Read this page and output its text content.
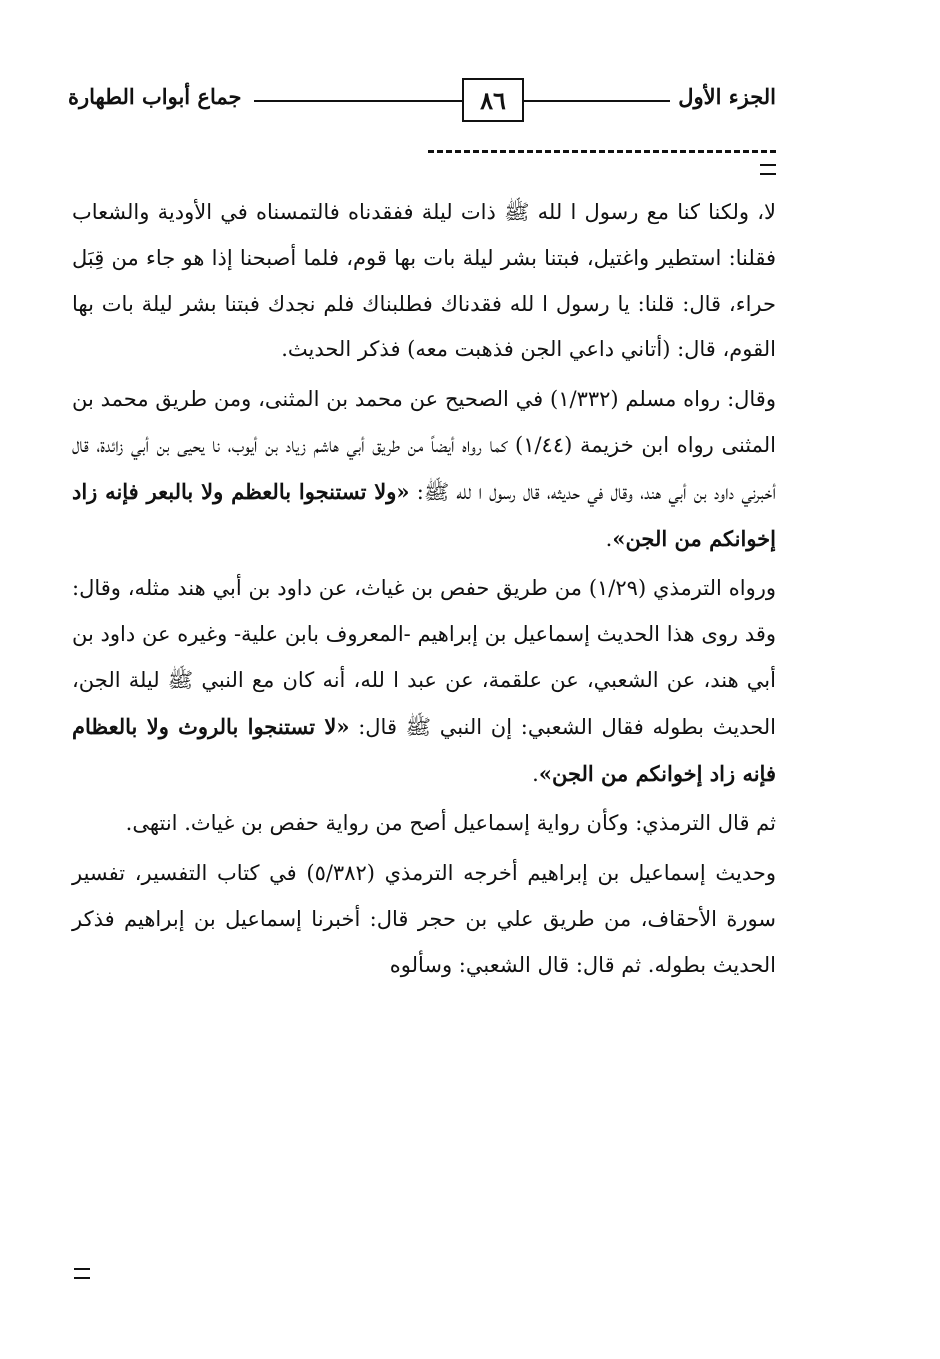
الجزء الأول
٨٦
جماع أبواب الطهارة

لا، ولكنا كنا مع رسول ا لله ﷺ ذات ليلة ففقدناه فالتمسناه في الأودية والشعاب فقلنا: استطير واغتيل، فبتنا بشر ليلة بات بها قوم، فلما أصبحنا إذا هو جاء من قِبَل حراء، قال: قلنا: يا رسول ا لله فقدناك فطلبناك فلم نجدك فبتنا بشر ليلة بات بها القوم، قال: (أتاني داعي الجن فذهبت معه) فذكر الحديث.

وقال: رواه مسلم (١/٣٣٢) في الصحيح عن محمد بن المثنى، ومن طريق محمد بن المثنى رواه ابن خزيمة (١/٤٤) كما رواه أيضاً من طريق أبي هاشم زياد بن أيوب، نا يحيى بن أبي زائدة، قال أخبرني داود بن أبي هند، وقال في حديثه، قال رسول ا لله ﷺ: «ولا تستنجوا بالعظم ولا بالبعر فإنه زاد إخوانكم من الجن».

ورواه الترمذي (١/٢٩) من طريق حفص بن غياث، عن داود بن أبي هند مثله، وقال: وقد روى هذا الحديث إسماعيل بن إبراهيم -المعروف بابن علية- وغيره عن داود بن أبي هند، عن الشعبي، عن علقمة، عن عبد ا لله، أنه كان مع النبي ﷺ ليلة الجن، الحديث بطوله فقال الشعبي: إن النبي ﷺ قال: «لا تستنجوا بالروث ولا بالعظام فإنه زاد إخوانكم من الجن».

ثم قال الترمذي: وكأن رواية إسماعيل أصح من رواية حفص بن غياث. انتهى.

وحديث إسماعيل بن إبراهيم أخرجه الترمذي (٥/٣٨٢) في كتاب التفسير، تفسير سورة الأحقاف، من طريق علي بن حجر قال: أخبرنا إسماعيل بن إبراهيم فذكر الحديث بطوله. ثم قال: قال الشعبي: وسألوه
